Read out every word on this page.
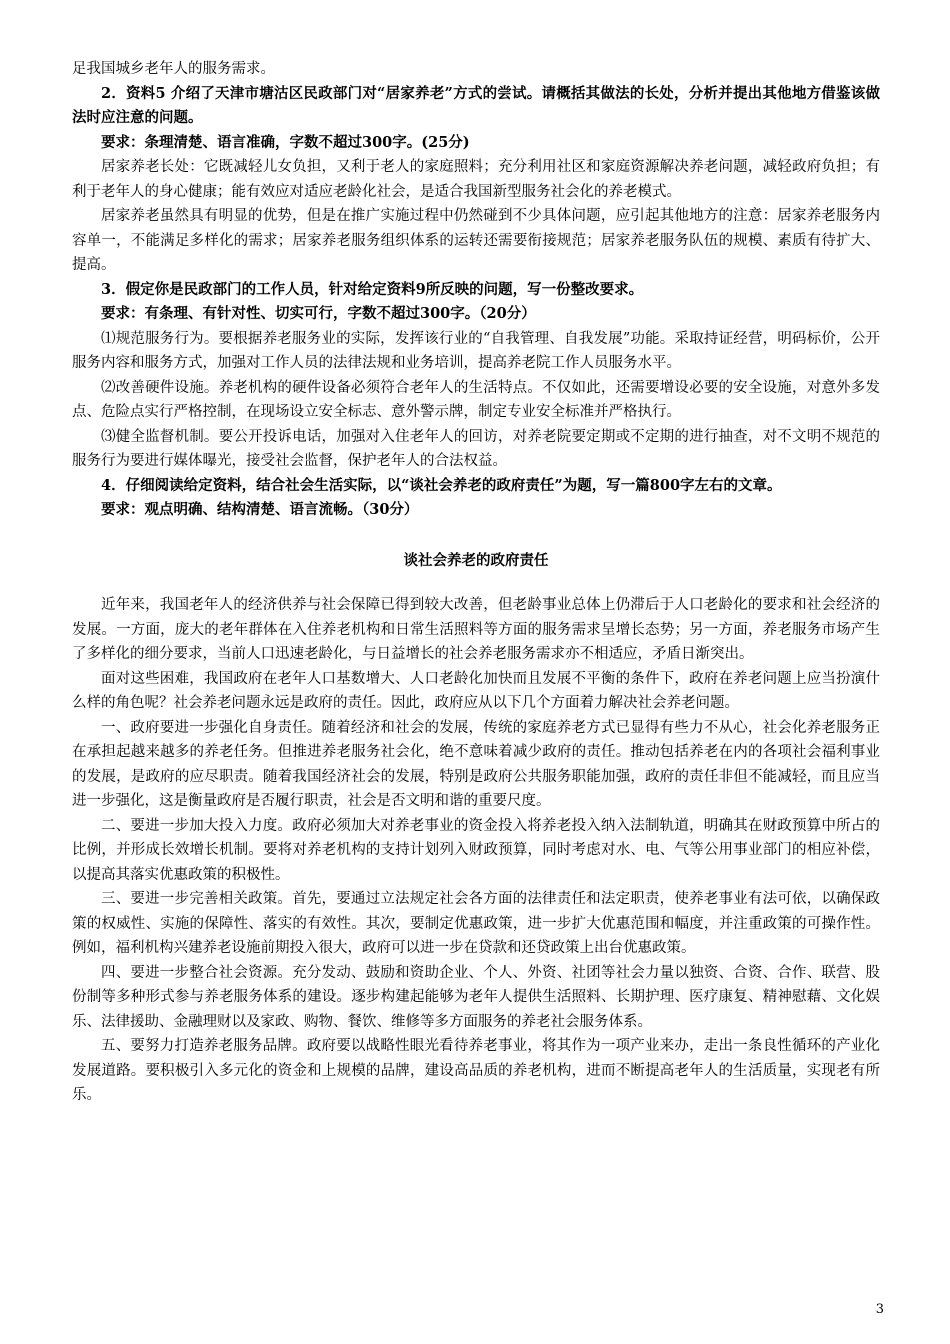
足我国城乡老年人的服务需求。

2．资料5 介绍了天津市塘沽区民政部门对“居家养老”方式的尝试。请概括其做法的长处，分析并提出其他地方借鉴该做法时应注意的问题。

要求：条理清楚、语言准确，字数不超过300字。(25分)

居家养老长处：它既减轻儿女负担，又利于老人的家庭照料；充分利用社区和家庭资源解决养老问题，减轻政府负担；有利于老年人的身心健康；能有效应对适应老龄化社会，是适合我国新型服务社会化的养老模式。

居家养老虽然具有明显的优势，但是在推广实施过程中仍然碰到不少具体问题，应引起其他地方的注意：居家养老服务内容单一，不能满足多样化的需求；居家养老服务组织体系的运转还需要衔接规范；居家养老服务队伍的规模、素质有待扩大、提高。

3．假定你是民政部门的工作人员，针对给定资料9所反映的问题，写一份整改要求。

要求：有条理、有针对性、切实可行，字数不超过300字。（20分）

⑴规范服务行为。要根据养老服务业的实际，发挥该行业的“自我管理、自我发展”功能。采取持证经营，明码标价，公开服务内容和服务方式，加强对工作人员的法律法规和业务培训，提高养老院工作人员服务水平。

⑵改善硬件设施。养老机构的硬件设备必须符合老年人的生活特点。不仅如此，还需要增设必要的安全设施，对意外多发点、危险点实行严格控制，在现场设立安全标志、意外警示牌，制定专业安全标准并严格执行。

⑶健全监督机制。要公开投诉电话，加强对入住老年人的回访，对养老院要定期或不定期的进行抽查，对不文明不规范的服务行为要进行媒体曝光，接受社会监督，保护老年人的合法权益。

4．仔细阅读给定资料，结合社会生活实际，以“谈社会养老的政府责任”为题，写一篇800字左右的文章。

要求：观点明确、结构清楚、语言流畅。（30分）

谈社会养老的政府责任

近年来，我国老年人的经济供养与社会保障已得到较大改善，但老龄事业总体上仍滞后于人口老龄化的要求和社会经济的发展。一方面，庞大的老年群体在入住养老机构和日常生活照料等方面的服务需求呈增长态势；另一方面，养老服务市场产生了多样化的细分要求，当前人口迅速老龄化，与日益增长的社会养老服务需求亦不相适应，矛盾日渐突出。

面对这些困难，我国政府在老年人口基数增大、人口老龄化加快而且发展不平衡的条件下，政府在养老问题上应当扮演什么样的角色呢？社会养老问题永远是政府的责任。因此，政府应从以下几个方面着力解决社会养老问题。

一、政府要进一步强化自身责任。随着经济和社会的发展，传统的家庭养老方式已显得有些力不从心，社会化养老服务正在承担起越来越多的养老任务。但推进养老服务社会化，绝不意味着减少政府的责任。推动包括养老在内的各项社会福利事业的发展，是政府的应尽职责。随着我国经济社会的发展，特别是政府公共服务职能加强，政府的责任非但不能减轻，而且应当进一步强化，这是衡量政府是否履行职责，社会是否文明和谐的重要尺度。

二、要进一步加大投入力度。政府必须加大对养老事业的资金投入将养老投入纳入法制轨道，明确其在财政预算中所占的比例，并形成长效增长机制。要将对养老机构的支持计划列入财政预算，同时考虑对水、电、气等公用事业部门的相应补偿，以提高其落实优惠政策的积极性。

三、要进一步完善相关政策。首先，要通过立法规定社会各方面的法律责任和法定职责，使养老事业有法可依，以确保政策的权威性、实施的保障性、落实的有效性。其次，要制定优惠政策，进一步扩大优惠范围和幅度，并注重政策的可操作性。例如，福利机构兴建养老设施前期投入很大，政府可以进一步在贷款和还贷政策上出台优惠政策。

四、要进一步整合社会资源。充分发动、鼓励和资助企业、个人、外资、社团等社会力量以独资、合资、合作、联营、股份制等多种形式参与养老服务体系的建设。逐步构建起能够为老年人提供生活照料、长期护理、医疗康复、精神慰藉、文化娱乐、法律援助、金融理财以及家政、购物、餐饮、维修等多方面服务的养老社会服务体系。

五、要努力打造养老服务品牌。政府要以战略性眼光看待养老事业，将其作为一项产业来办，走出一条良性循环的产业化发展道路。要积极引入多元化的资金和上规模的品牌，建设高品质的养老机构，进而不断提高老年人的生活质量，实现老有所乐。

3
